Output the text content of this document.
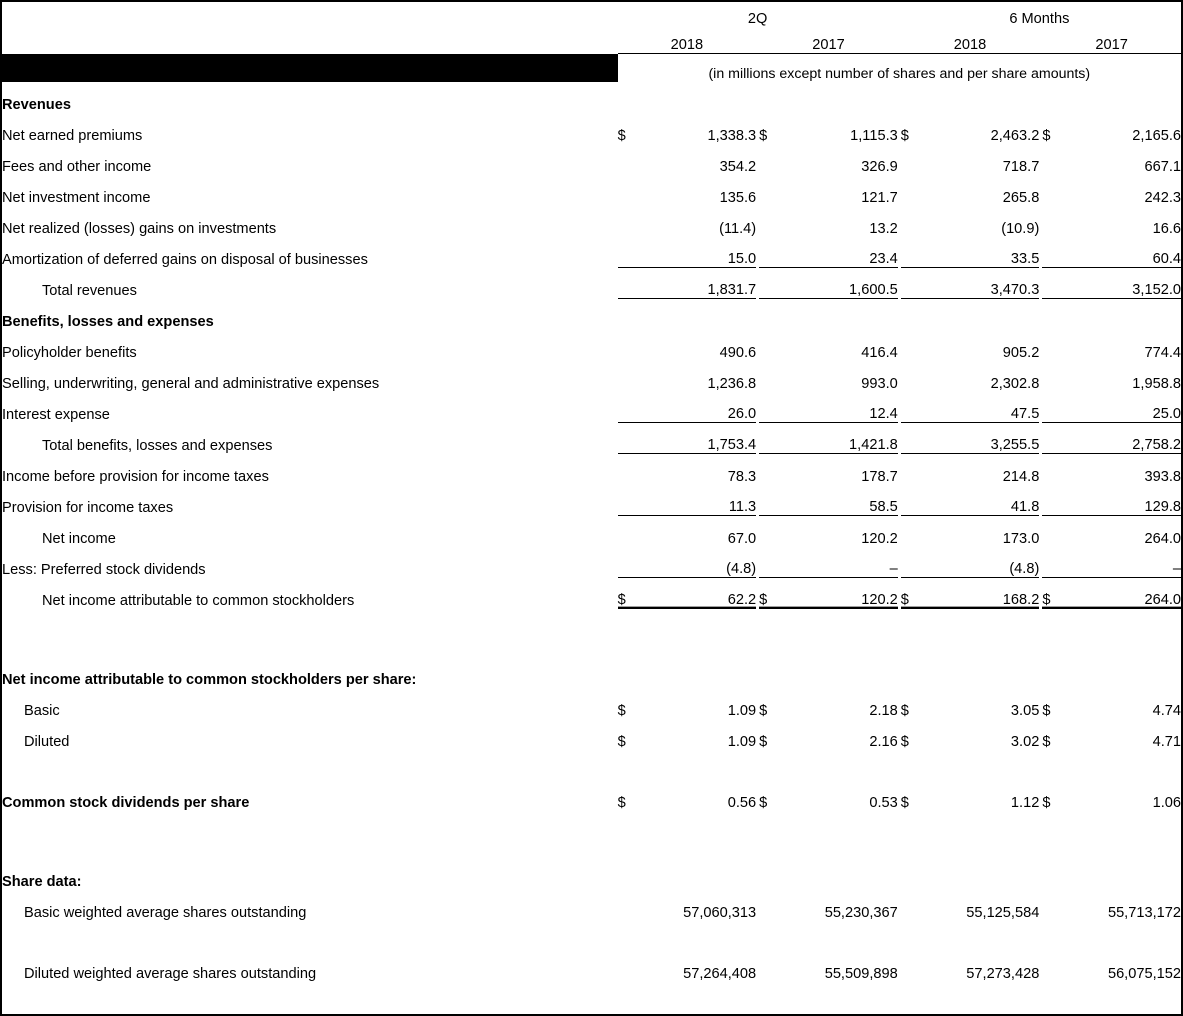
	2Q					6 Months					
	2018			2017			2018			2017	

	(in millions except number of shares and per share amounts)										
Revenues											
Net earned premiums	$	1,338.3		$	1,115.3		$	2,463.2		$	2,165.6
Fees and other income		354.2			326.9			718.7			667.1
Net investment income		135.6			121.7			265.8			242.3
Net realized (losses) gains on investments		(11.4)			13.2			(10.9)			16.6
Amortization of deferred gains on disposal of businesses		15.0			23.4			33.5			60.4
Total revenues		1,831.7			1,600.5			3,470.3			3,152.0
Benefits, losses and expenses											
Policyholder benefits		490.6			416.4			905.2			774.4
Selling, underwriting, general and administrative expenses		1,236.8			993.0			2,302.8			1,958.8
Interest expense		26.0			12.4			47.5			25.0
Total benefits, losses and expenses		1,753.4			1,421.8			3,255.5			2,758.2
Income before provision for income taxes		78.3			178.7			214.8			393.8
Provision for income taxes		11.3			58.5			41.8			129.8
Net income		67.0			120.2			173.0			264.0
Less: Preferred stock dividends		(4.8)			–			(4.8)			–
Net income attributable to common stockholders	$	62.2		$	120.2		$	168.2		$	264.0

Net income attributable to common stockholders per share:											
Basic	$	1.09		$	2.18		$	3.05		$	4.74
Diluted	$	1.09		$	2.16		$	3.02		$	4.71

Common stock dividends per share	$	0.56		$	0.53		$	1.12		$	1.06

Share data:											
Basic weighted average shares outstanding		57,060,313			55,230,367			55,125,584			55,713,172

Diluted weighted average shares outstanding		57,264,408			55,509,898			57,273,428			56,075,152
